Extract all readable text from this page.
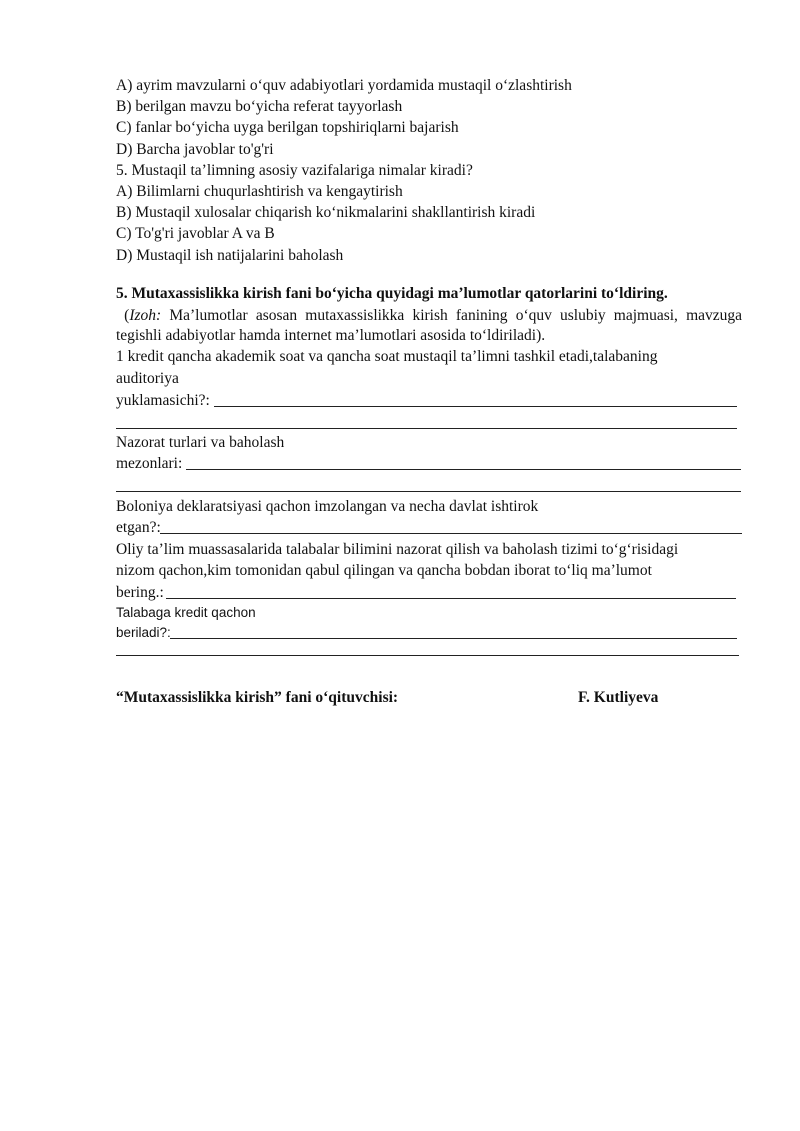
A) ayrim mavzularni o‘quv adabiyotlari yordamida mustaqil o‘zlashtirish
B) berilgan mavzu bo‘yicha referat tayyorlash
C) fanlar bo‘yicha uyga berilgan topshiriqlarni bajarish
D) Barcha javoblar to'g'ri
5. Mustaqil ta’limning asosiy vazifalariga nimalar kiradi?
A) Bilimlarni chuqurlashtirish va kengaytirish
B) Mustaqil xulosalar chiqarish ko‘nikmalarini shakllantirish kiradi
C) To'g'ri javoblar A va B
D) Mustaqil ish natijalarini baholash
5. Mutaxassislikka kirish fani bo‘yicha quyidagi ma’lumotlar qatorlarini to‘ldiring.
(Izoh: Ma’lumotlar asosan mutaxassislikka kirish fanining o‘quv uslubiy majmuasi, mavzuga
tegishli adabiyotlar hamda internet ma’lumotlari asosida to‘ldiriladi).
1 kredit qancha akademik soat va qancha soat mustaqil ta’limni tashkil etadi,talabaning
auditoriya
yuklamasichi?:
Nazorat turlari va baholash
mezonlari:
Boloniya deklaratsiyasi qachon imzolangan va necha davlat ishtirok
etgan?:
Oliy ta’lim muassasalarida talabalar bilimini nazorat qilish va baholash tizimi to‘g‘risidagi
nizom qachon,kim tomonidan qabul qilingan va qancha bobdan iborat to‘liq ma’lumot
bering.:
Talabaga kredit qachon
beriladi?:
“Mutaxassislikka kirish” fani o‘qituvchisi:	F. Kutliyeva
